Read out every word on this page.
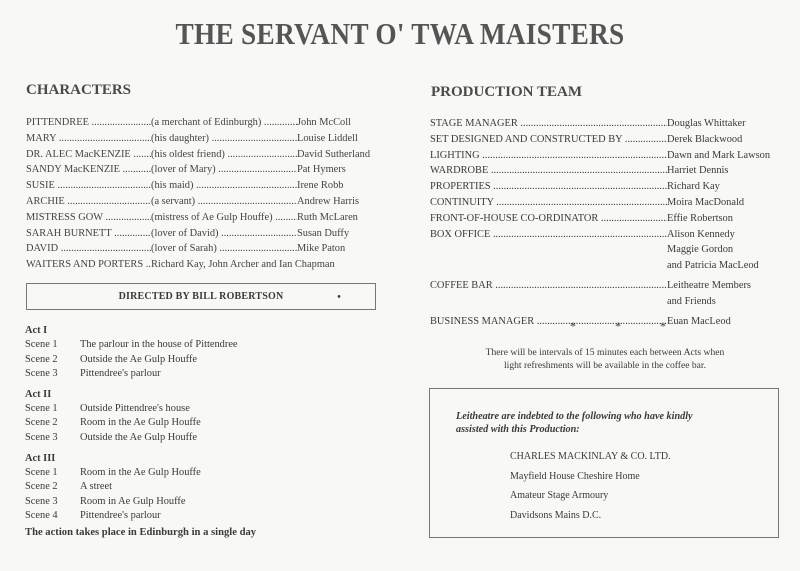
THE SERVANT O' TWA MAISTERS
CHARACTERS
PITTENDREE .....	(a merchant of Edinburgh) .....	John McColl
MARY .....	(his daughter) .....	Louise Liddell
DR. ALEC MacKENZIE .....	(his oldest friend) .....	David Sutherland
SANDY MacKENZIE .....	(lover of Mary) .....	Pat Hymers
SUSIE .....	(his maid) .....	Irene Robb
ARCHIE .....	(a servant) .....	Andrew Harris
MISTRESS GOW .....	(mistress of Ae Gulp Houffe) .....	Ruth McLaren
SARAH BURNETT .....	(lover of David) .....	Susan Duffy
DAVID .....	(lover of Sarah) .....	Mike Paton
WAITERS AND PORTERS ..... Richard Kay, John Archer and Ian Chapman
DIRECTED BY BILL ROBERTSON	•
Act I
Scene 1	The parlour in the house of Pittendree
Scene 2	Outside the Ae Gulp Houffe
Scene 3	Pittendree's parlour
Act II
Scene 1	Outside Pittendree's house
Scene 2	Room in the Ae Gulp Houffe
Scene 3	Outside the Ae Gulp Houffe
Act III
Scene 1	Room in the Ae Gulp Houffe
Scene 2	A street
Scene 3	Room in Ae Gulp Houffe
Scene 4	Pittendree's parlour
The action takes place in Edinburgh in a single day
PRODUCTION TEAM
STAGE MANAGER .....	Douglas Whittaker
SET DESIGNED AND CONSTRUCTED BY .....	Derek Blackwood
LIGHTING .....	Dawn and Mark Lawson
WARDROBE .....	Harriet Dennis
PROPERTIES .....	Richard Kay
CONTINUITY .....	Moira MacDonald
FRONT-OF-HOUSE CO-ORDINATOR .....	Effie Robertson
BOX OFFICE .....	Alison Kennedy
Maggie Gordon
and Patricia MacLeod
COFFEE BAR .....	Leitheatre Members
and Friends
BUSINESS MANAGER .....	Euan MacLeod
* * *
There will be intervals of 15 minutes each between Acts when
light refreshments will be available in the coffee bar.
Leitheatre are indebted to the following who have kindly
assisted with this Production:
CHARLES MACKINLAY & CO. LTD.
Mayfield House Cheshire Home
Amateur Stage Armoury
Davidsons Mains D.C.
